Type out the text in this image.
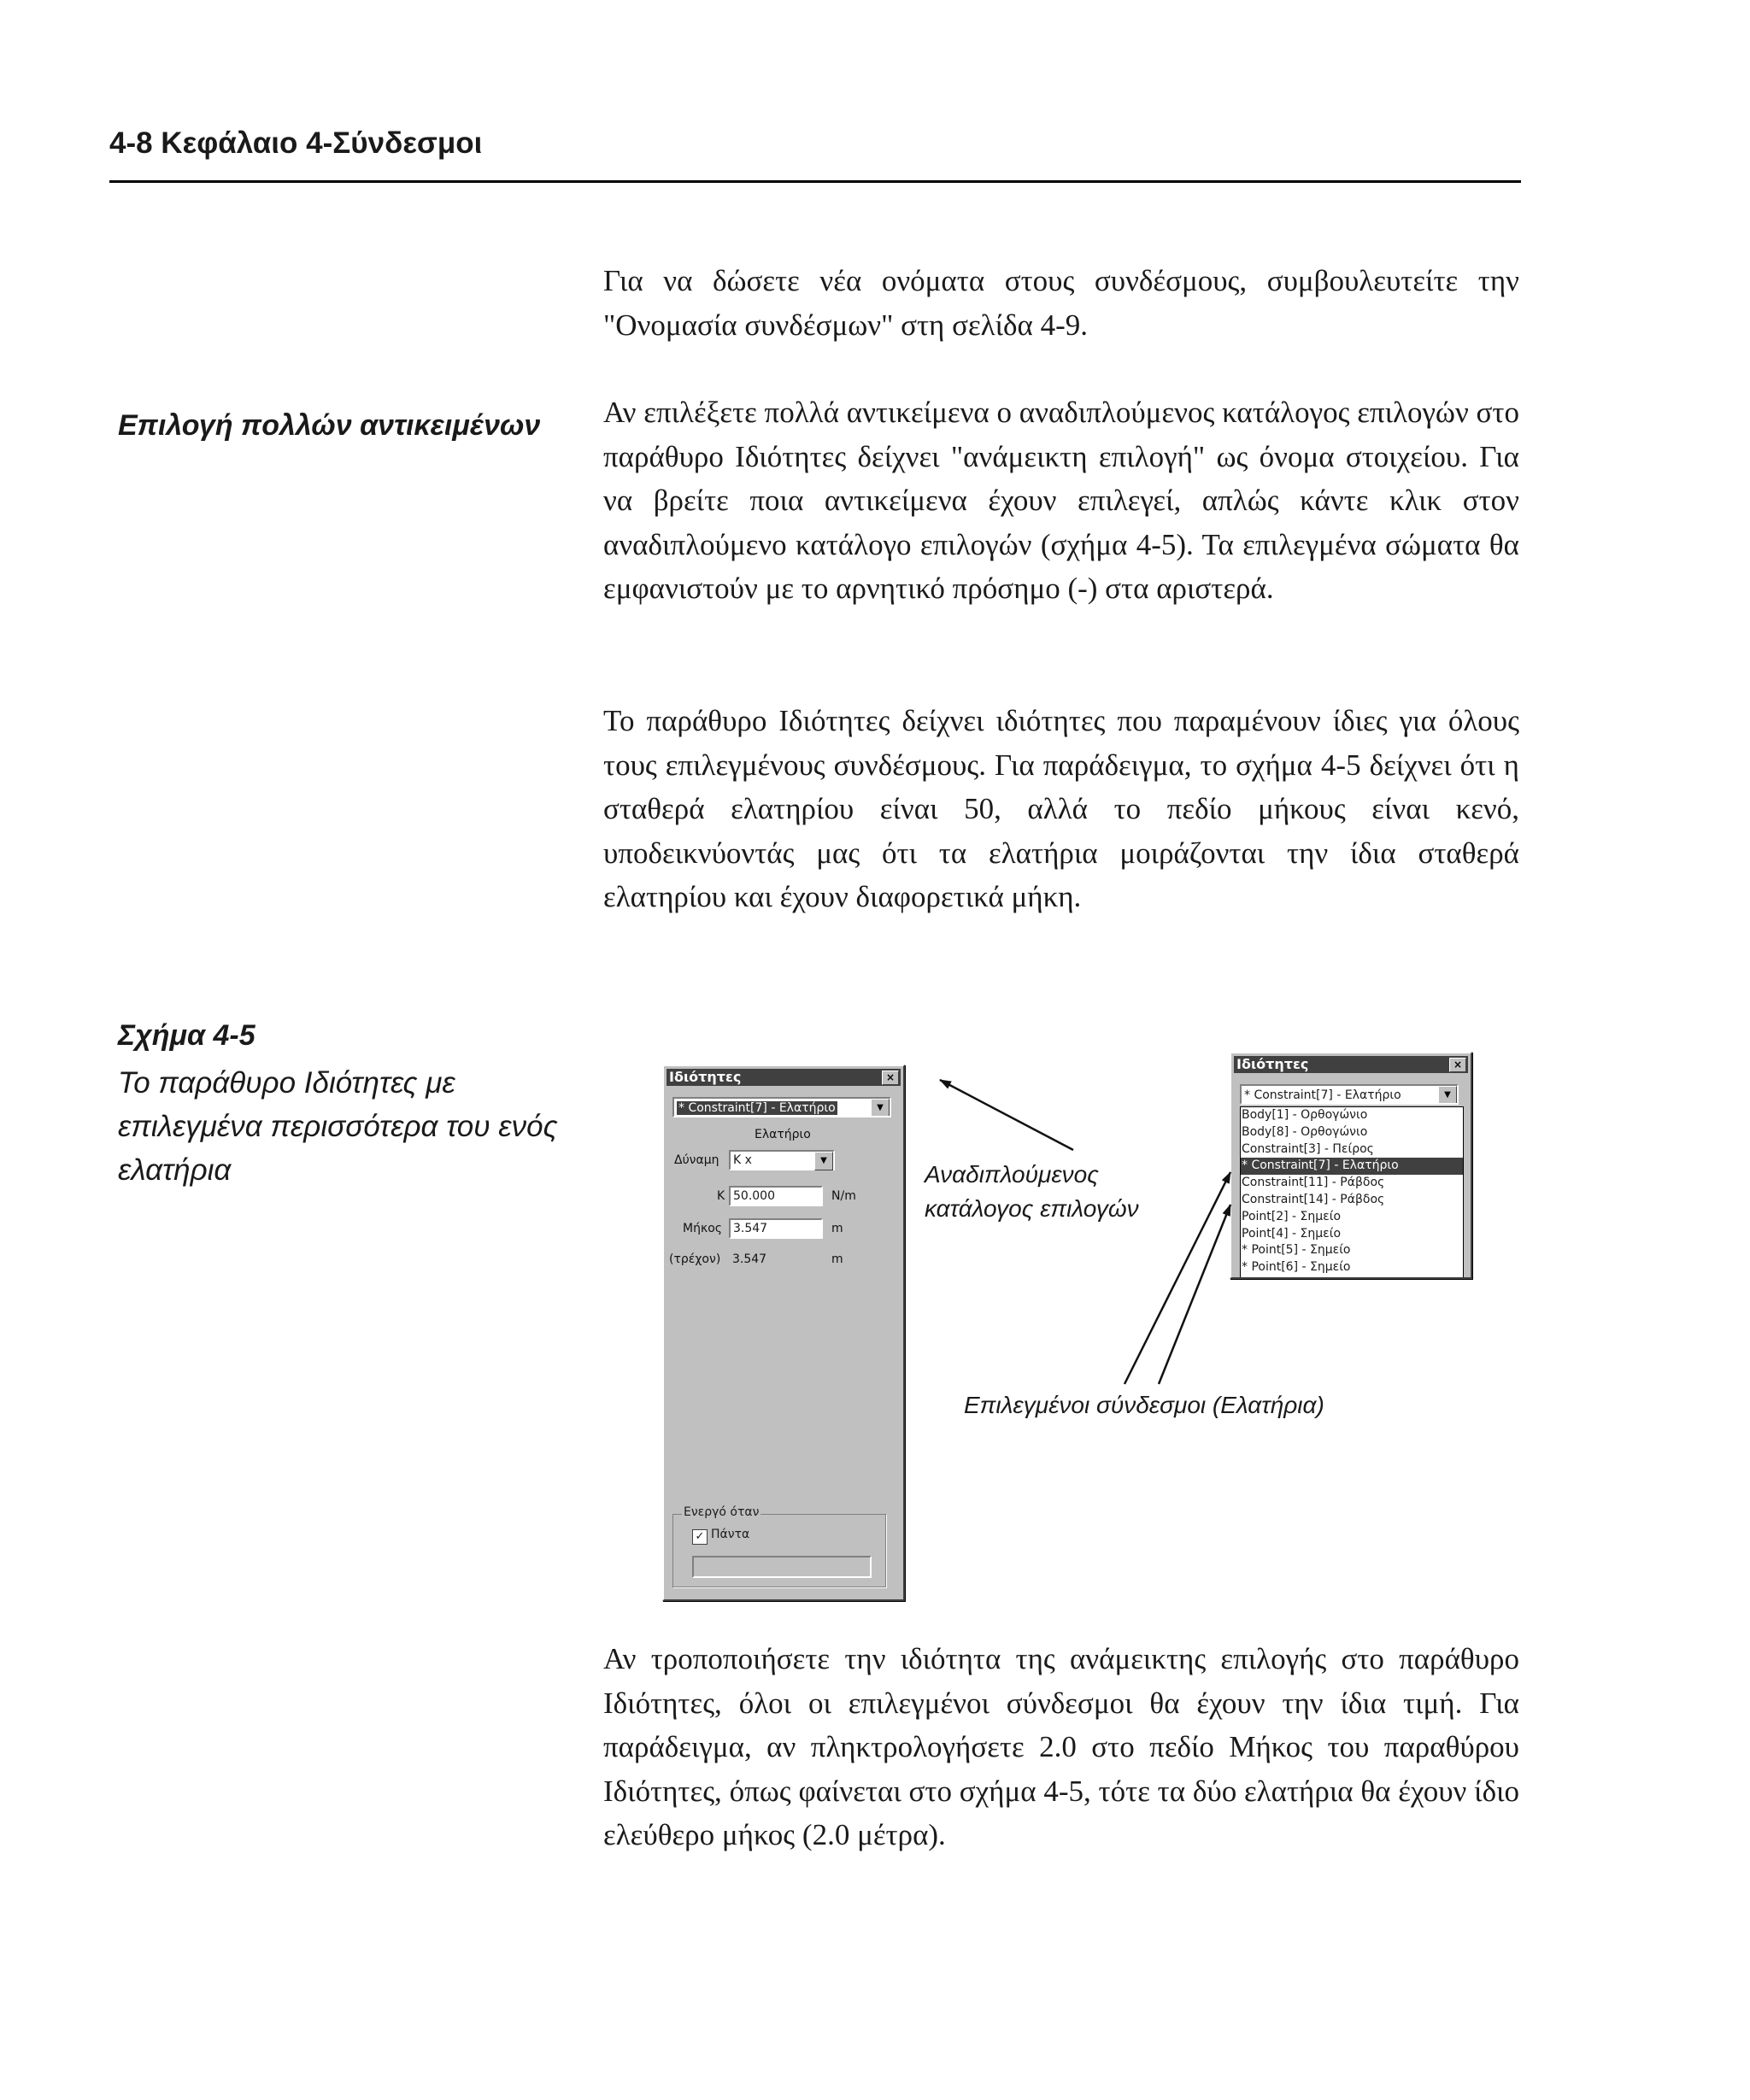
4-8 Κεφάλαιο 4-Σύνδεσμοι
Για να δώσετε νέα ονόματα στους συνδέσμους, συμβουλευτείτε την "Ονομασία συνδέσμων" στη σελίδα 4-9.
Επιλογή πολλών αντικειμένων Αν επιλέξετε πολλά αντικείμενα ο αναδιπλούμενος κατάλογος επιλογών στο παράθυρο Ιδιότητες δείχνει "ανάμεικτη επιλογή" ως όνομα στοιχείου. Για να βρείτε ποια αντικείμενα έχουν επιλεγεί, απλώς κάντε κλικ στον αναδιπλούμενο κατάλογο επιλογών (σχήμα 4-5). Τα επιλεγμένα σώματα θα εμφανιστούν με το αρνητικό πρόσημο (-) στα αριστερά.
Το παράθυρο Ιδιότητες δείχνει ιδιότητες που παραμένουν ίδιες για όλους τους επιλεγμένους συνδέσμους. Για παράδειγμα, το σχήμα 4-5 δείχνει ότι η σταθερά ελατηρίου είναι 50, αλλά το πεδίο μήκους είναι κενό, υποδεικνύοντάς μας ότι τα ελατήρια μοιράζονται την ίδια σταθερά ελατηρίου και έχουν διαφορετικά μήκη.
Σχήμα 4-5
Το παράθυρο Ιδιότητες με επιλεγμένα περισσότερα του ενός ελατήρια
Ιδιότητες	×
* Constraint[7] - Ελατήριο	▼
Ελατήριο
Δύναμη	K x	▼
K 50.000	N/m
Μήκος 3.547	m
(τρέχον) 3.547	m
Ενεργό όταν
✓ Πάντα
Ιδιότητες	×
* Constraint[7] - Ελατήριο	▼
Body[1] - Ορθογώνιο
Body[8] - Ορθογώνιο
Constraint[3] - Πείρος
* Constraint[7] - Ελατήριο
Constraint[11] - Ράβδος
Constraint[14] - Ράβδος
Point[2] - Σημείο
Point[4] - Σημείο
* Point[5] - Σημείο
* Point[6] - Σημείο
Αναδιπλούμενος κατάλογος επιλογών
Επιλεγμένοι σύνδεσμοι (Ελατήρια)
Αν τροποποιήσετε την ιδιότητα της ανάμεικτης επιλογής στο παράθυρο Ιδιότητες, όλοι οι επιλεγμένοι σύνδεσμοι θα έχουν την ίδια τιμή. Για παράδειγμα, αν πληκτρολογήσετε 2.0 στο πεδίο Μήκος του παραθύρου Ιδιότητες, όπως φαίνεται στο σχήμα 4-5, τότε τα δύο ελατήρια θα έχουν ίδιο ελεύθερο μήκος (2.0 μέτρα).
